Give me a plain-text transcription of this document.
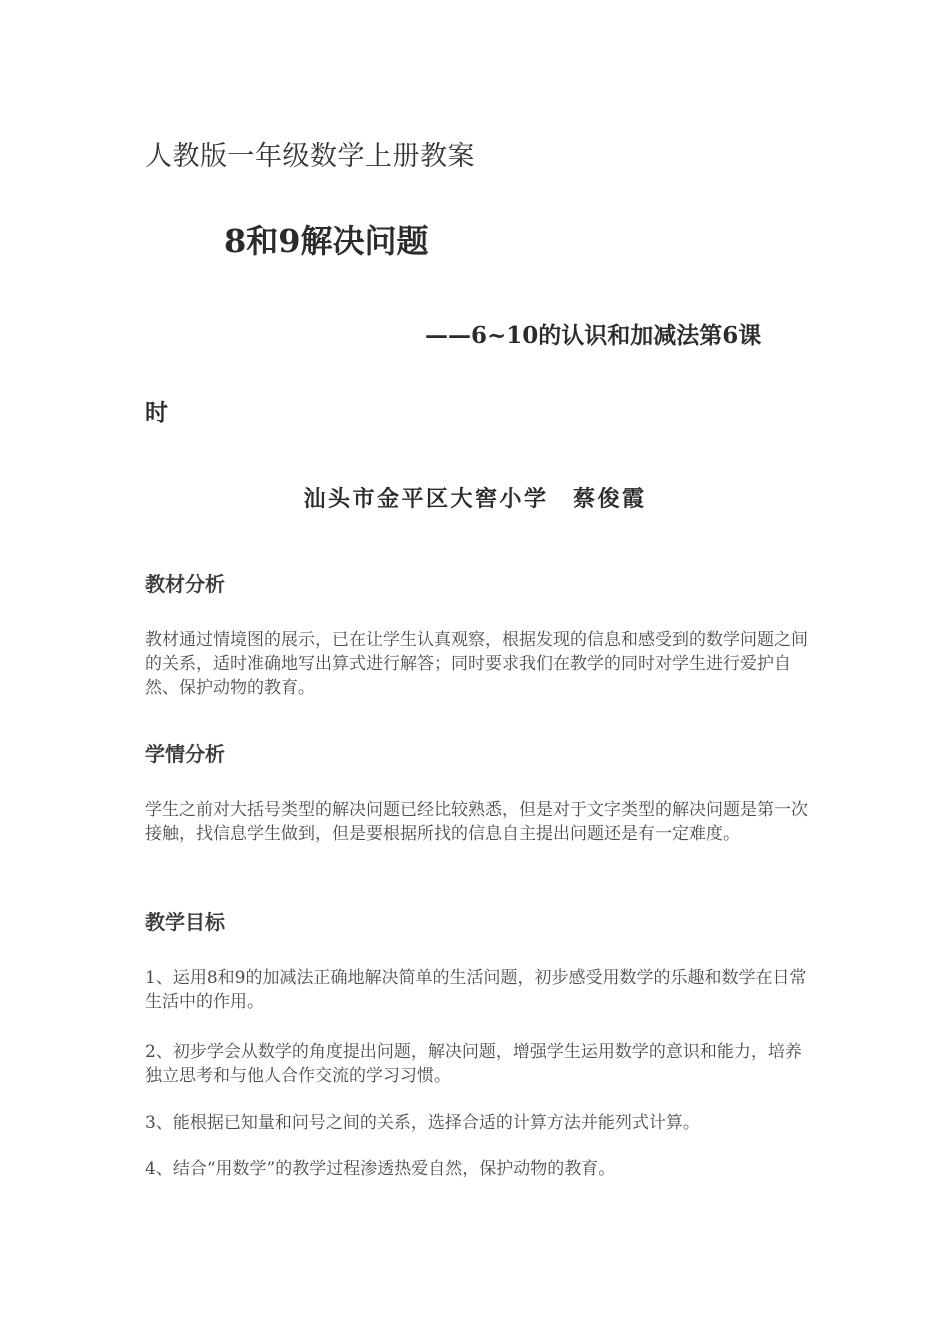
人教版一年级数学上册教案

8和9解决问题

——6~10的认识和加减法第6课

时

汕头市金平区大窖小学　蔡俊霞

教材分析

教材通过情境图的展示，已在让学生认真观察，根据发现的信息和感受到的数学问题之间的关系，适时准确地写出算式进行解答；同时要求我们在教学的同时对学生进行爱护自然、保护动物的教育。

学情分析

学生之前对大括号类型的解决问题已经比较熟悉，但是对于文字类型的解决问题是第一次接触，找信息学生做到，但是要根据所找的信息自主提出问题还是有一定难度。

教学目标

1、运用8和9的加减法正确地解决简单的生活问题，初步感受用数学的乐趣和数学在日常生活中的作用。

2、初步学会从数学的角度提出问题，解决问题，增强学生运用数学的意识和能力，培养独立思考和与他人合作交流的学习习惯。

3、能根据已知量和问号之间的关系，选择合适的计算方法并能列式计算。

4、结合“用数学”的教学过程渗透热爱自然，保护动物的教育。
